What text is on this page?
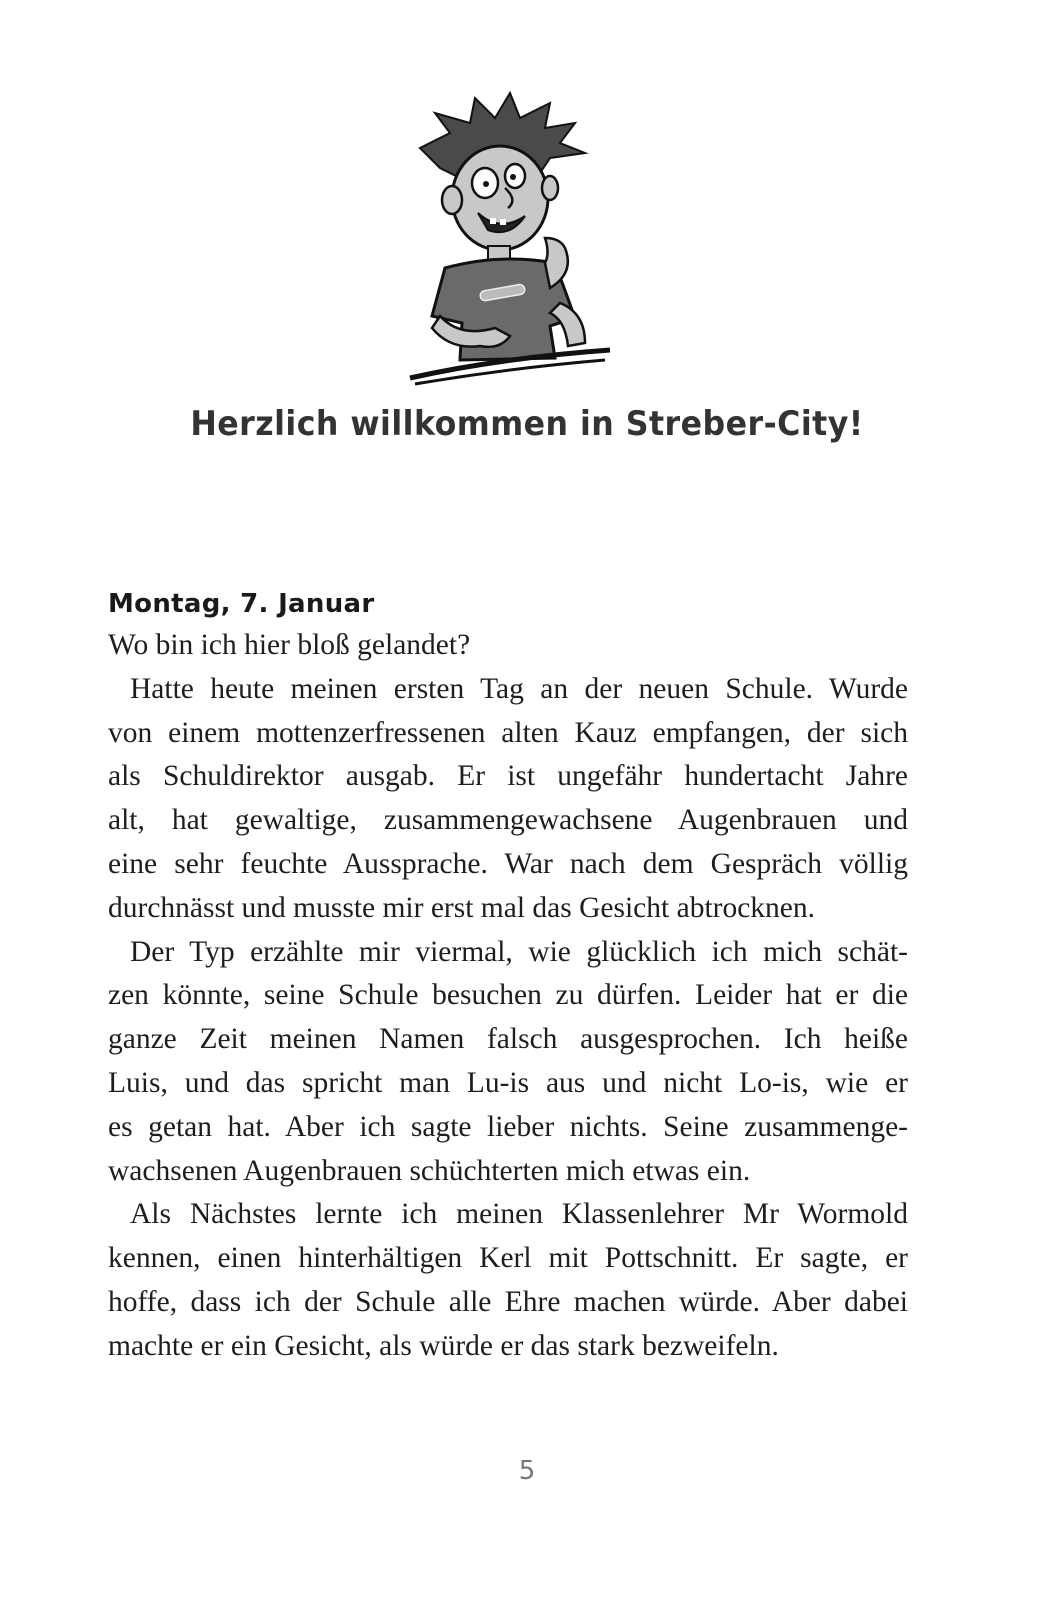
Herzlich willkommen in Streber-City!
Montag, 7. Januar

Wo bin ich hier bloß gelandet?

Hatte heute meinen ersten Tag an der neuen Schule. Wurde
von einem mottenzerfressenen alten Kauz empfangen, der sich
als Schuldirektor ausgab. Er ist ungefähr hundertacht Jahre
alt, hat gewaltige, zusammengewachsene Augenbrauen und
eine sehr feuchte Aussprache. War nach dem Gespräch völlig
durchnässt und musste mir erst mal das Gesicht abtrocknen.

Der Typ erzählte mir viermal, wie glücklich ich mich schät-
zen könnte, seine Schule besuchen zu dürfen. Leider hat er die
ganze Zeit meinen Namen falsch ausgesprochen. Ich heiße
Luis, und das spricht man Lu-is aus und nicht Lo-is, wie er
es getan hat. Aber ich sagte lieber nichts. Seine zusammenge-
wachsenen Augenbrauen schüchterten mich etwas ein.

Als Nächstes lernte ich meinen Klassenlehrer Mr Wormold
kennen, einen hinterhältigen Kerl mit Pottschnitt. Er sagte, er
hoffe, dass ich der Schule alle Ehre machen würde. Aber dabei
machte er ein Gesicht, als würde er das stark bezweifeln.

5
